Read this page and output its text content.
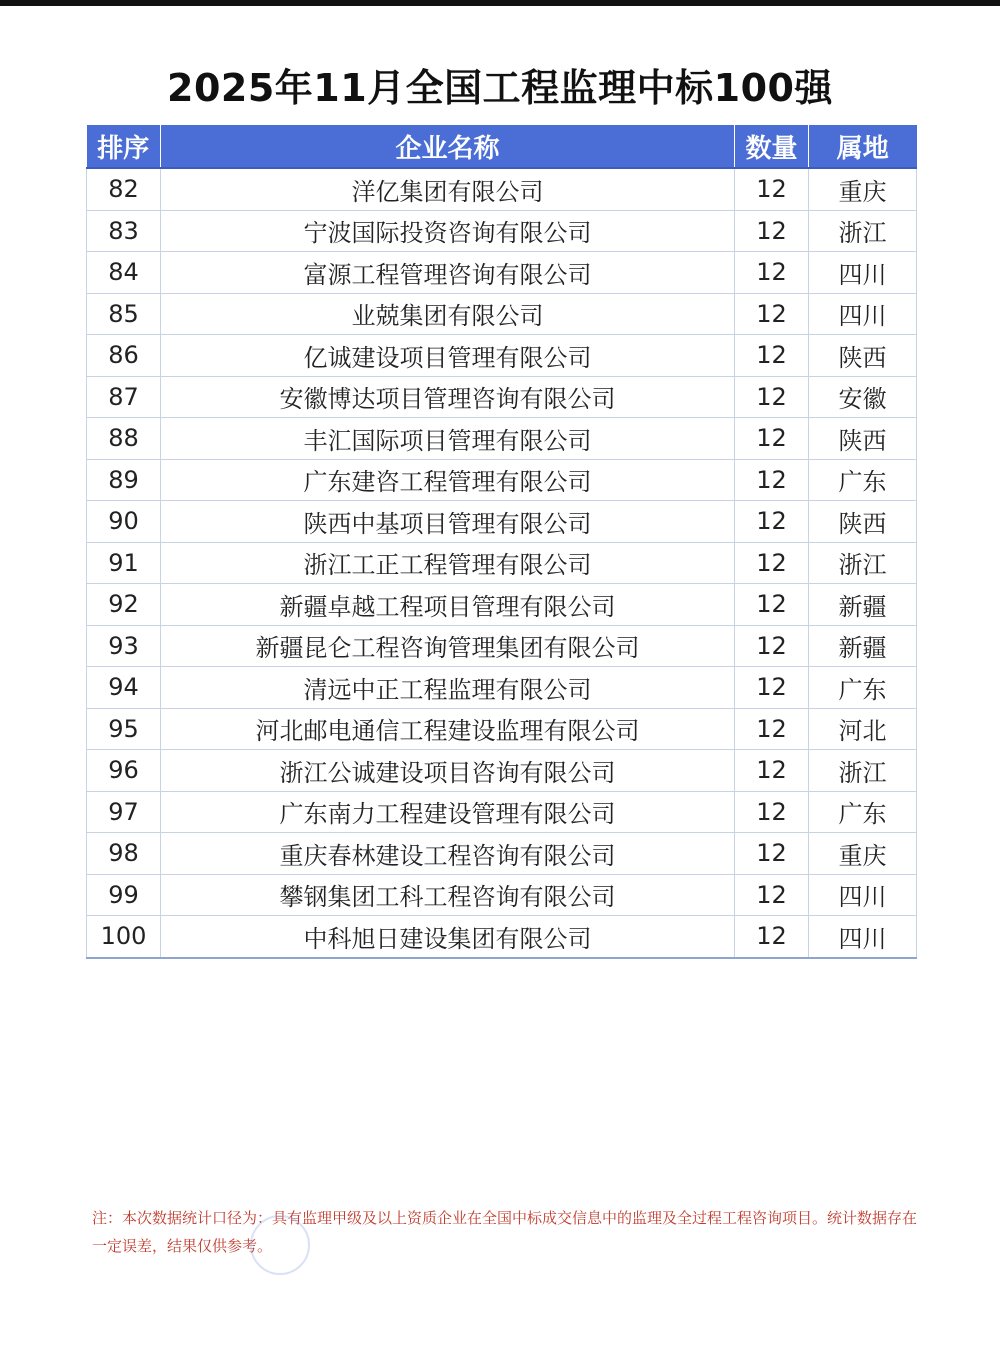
2025年11月全国工程监理中标100强
排序	企业名称	数量	属地
82	洋亿集团有限公司	12	重庆
83	宁波国际投资咨询有限公司	12	浙江
84	富源工程管理咨询有限公司	12	四川
85	业兢集团有限公司	12	四川
86	亿诚建设项目管理有限公司	12	陕西
87	安徽博达项目管理咨询有限公司	12	安徽
88	丰汇国际项目管理有限公司	12	陕西
89	广东建咨工程管理有限公司	12	广东
90	陕西中基项目管理有限公司	12	陕西
91	浙江工正工程管理有限公司	12	浙江
92	新疆卓越工程项目管理有限公司	12	新疆
93	新疆昆仑工程咨询管理集团有限公司	12	新疆
94	清远中正工程监理有限公司	12	广东
95	河北邮电通信工程建设监理有限公司	12	河北
96	浙江公诚建设项目咨询有限公司	12	浙江
97	广东南力工程建设管理有限公司	12	广东
98	重庆春林建设工程咨询有限公司	12	重庆
99	攀钢集团工科工程咨询有限公司	12	四川
100	中科旭日建设集团有限公司	12	四川
注：本次数据统计口径为：具有监理甲级及以上资质企业在全国中标成交信息中的监理及全过程工程咨询项目。统计数据存在一定误差，结果仅供参考。
